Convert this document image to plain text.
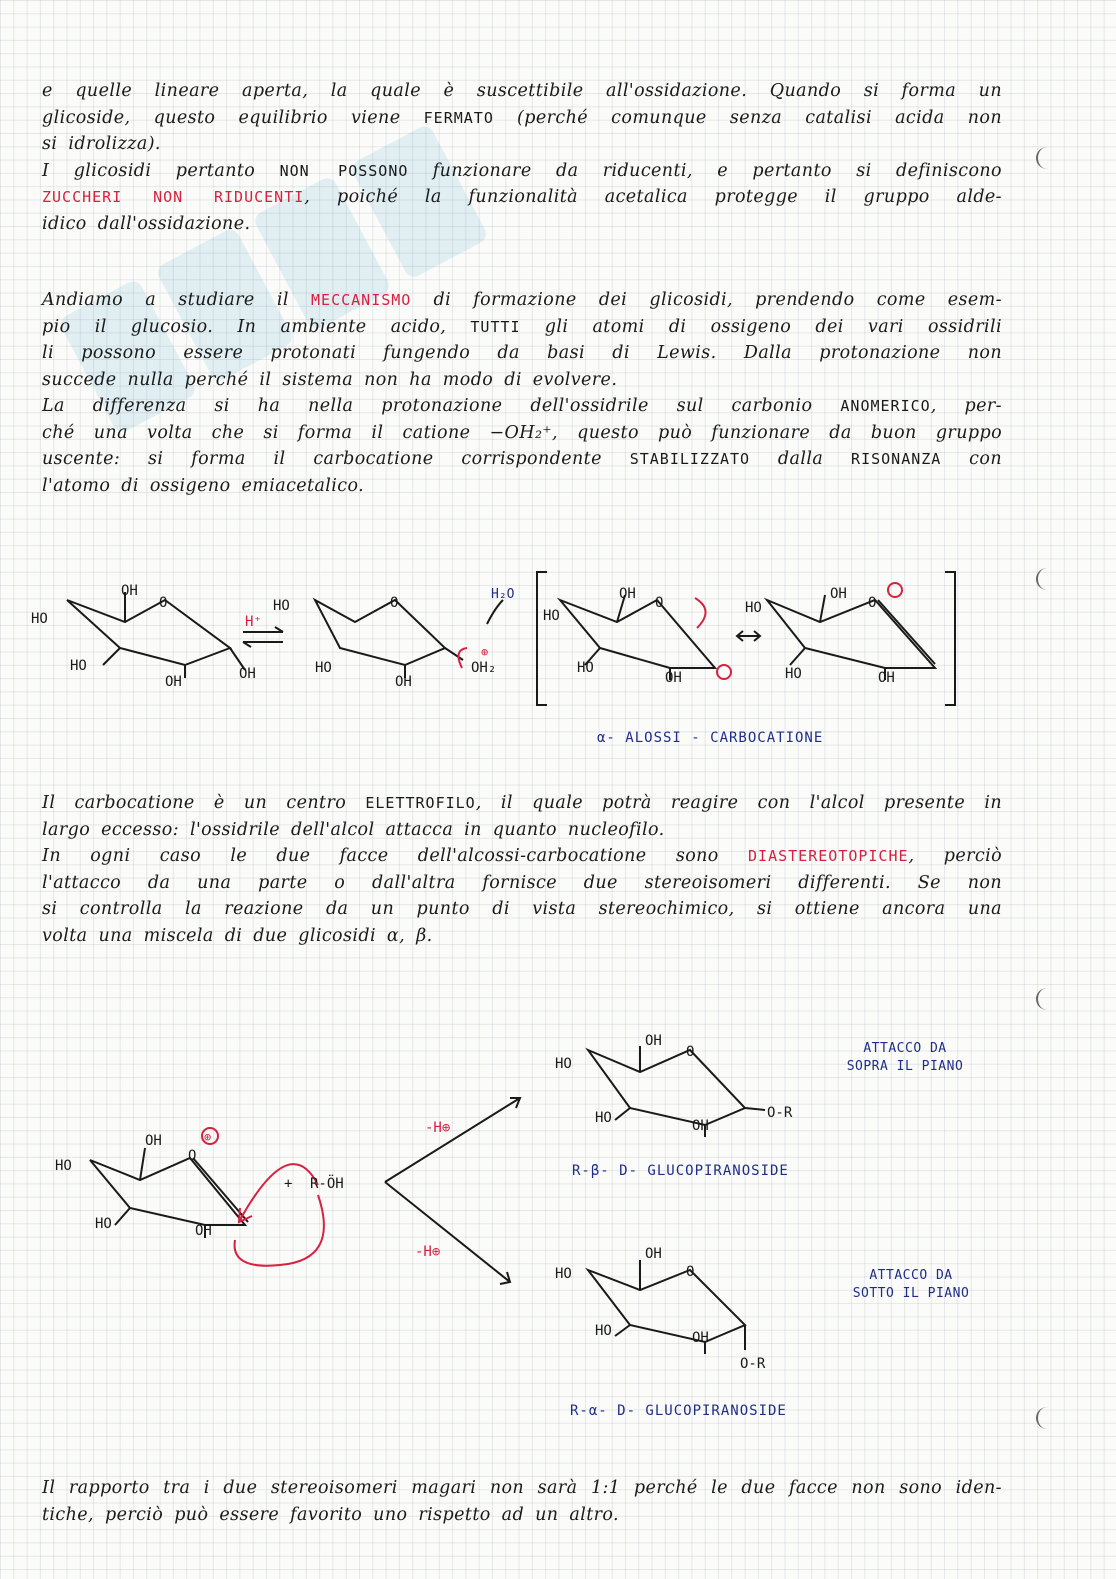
e quelle lineare aperta, la quale è suscettibile all'ossidazione. Quando si forma un
glicoside, questo equilibrio viene FERMATO (perché comunque senza catalisi acida non
si idrolizza).
I glicosidi pertanto NON POSSONO funzionare da riducenti, e pertanto si definiscono
ZUCCHERI NON RIDUCENTI, poiché la funzionalità acetalica protegge il gruppo alde-
idico dall'ossidazione.
Andiamo a studiare il MECCANISMO di formazione dei glicosidi, prendendo come esem-
pio il glucosio. In ambiente acido, TUTTI gli atomi di ossigeno dei vari ossidrili
li possono essere protonati fungendo da basi di Lewis. Dalla protonazione non
succede nulla perché il sistema non ha modo di evolvere.
La differenza si ha nella protonazione dell'ossidrile sul carbonio ANOMERICO, per-
ché una volta che si forma il catione −OH₂⁺, questo può funzionare da buon gruppo
uscente: si forma il carbocatione corrispondente STABILIZZATO dalla RISONANZA con
l'atomo di ossigeno emiacetalico.
HO
OH
O
HO
OH	OH
HO	O
HO
OH
OH₂
HO
OH
O
HO
OH
HO
OH
O
HO	OH
H⁺
H₂O
⊕
α- ALOSSI - CARBOCATIONE
Il carbocatione è un centro ELETTROFILO, il quale potrà reagire con l'alcol presente in
largo eccesso: l'ossidrile dell'alcol attacca in quanto nucleofilo.
In ogni caso le due facce dell'alcossi-carbocatione sono DIASTEREOTOPICHE, perciò
l'attacco da una parte o dall'altra fornisce due stereoisomeri differenti. Se non
si controlla la reazione da un punto di vista stereochimico, si ottiene ancora una
volta una miscela di due glicosidi α, β.
HO
OH
O
HO	OH
HO
OH
O
HO	OH
O-R
HO
OH
O
HO	OH
O-R
+ R-ÖH
⊕
-H⊕
-H⊕
R-β- D- GLUCOPIRANOSIDE
R-α- D- GLUCOPIRANOSIDE
ATTACCO DA
SOPRA IL PIANO
ATTACCO DA
SOTTO IL PIANO
Il rapporto tra i due stereoisomeri magari non sarà 1:1 perché le due facce non sono iden-
tiche, perciò può essere favorito uno rispetto ad un altro.
